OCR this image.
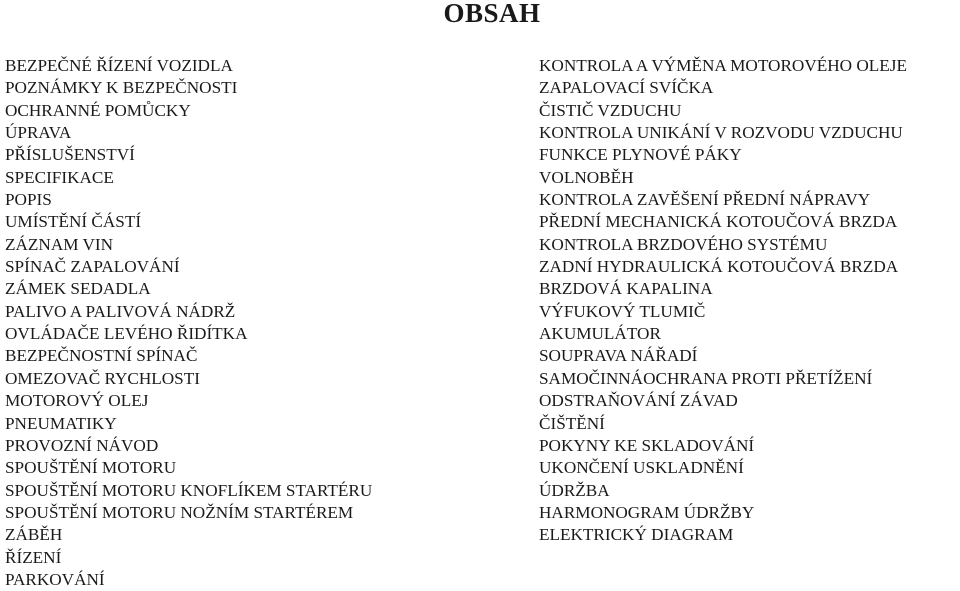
OBSAH
BEZPEČNÉ ŘÍZENÍ VOZIDLA
POZNÁMKY K BEZPEČNOSTI
OCHRANNÉ POMŮCKY
ÚPRAVA
PŘÍSLUŠENSTVÍ
SPECIFIKACE
POPIS
UMÍSTĚNÍ ČÁSTÍ
ZÁZNAM VIN
SPÍNAČ ZAPALOVÁNÍ
ZÁMEK SEDADLA
PALIVO A PALIVOVÁ NÁDRŽ
OVLÁDAČE LEVÉHO ŘIDÍTKA
BEZPEČNOSTNÍ SPÍNAČ
OMEZOVAČ RYCHLOSTI
MOTOROVÝ OLEJ
PNEUMATIKY
PROVOZNÍ NÁVOD
SPOUŠTĚNÍ MOTORU
SPOUŠTĚNÍ MOTORU KNOFLÍKEM STARTÉRU
SPOUŠTĚNÍ MOTORU NOŽNÍM STARTÉREM
ZÁBĚH
ŘÍZENÍ
PARKOVÁNÍ
KONTROLA A VÝMĚNA MOTOROVÉHO OLEJE
ZAPALOVACÍ SVÍČKA
ČISTIČ VZDUCHU
KONTROLA UNIKÁNÍ V ROZVODU VZDUCHU
FUNKCE PLYNOVÉ PÁKY
VOLNOBĚH
KONTROLA ZAVĚŠENÍ PŘEDNÍ NÁPRAVY
PŘEDNÍ MECHANICKÁ KOTOUČOVÁ BRZDA
KONTROLA BRZDOVÉHO SYSTÉMU
ZADNÍ HYDRAULICKÁ KOTOUČOVÁ BRZDA
BRZDOVÁ KAPALINA
VÝFUKOVÝ TLUMIČ
AKUMULÁTOR
SOUPRAVA NÁŘADÍ
SAMOČINNÁOCHRANA PROTI PŘETÍŽENÍ
ODSTRAŇOVÁNÍ ZÁVAD
ČIŠTĚNÍ
POKYNY KE SKLADOVÁNÍ
UKONČENÍ USKLADNĚNÍ
ÚDRŽBA
HARMONOGRAM ÚDRŽBY
ELEKTRICKÝ DIAGRAM
